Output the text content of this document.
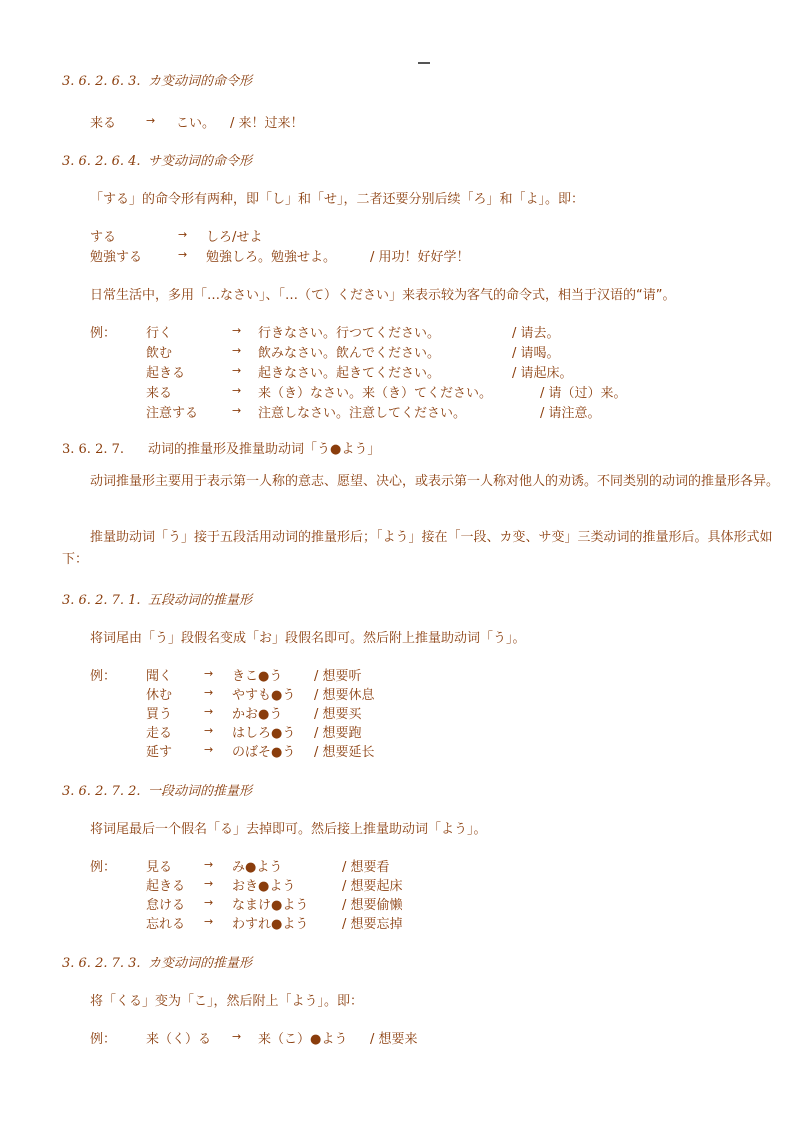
3. 6. 2. 6. 3. カ变动词的命令形
来る	→ こい。 / 来！过来！
3. 6. 2. 6. 4. サ变动词的命令形
「する」的命令形有两种，即「し」和「せ」，二者还要分别后续「ろ」和「よ」。即：
する	→ しろ/せよ
勉強する	→ 勉強しろ。勉強せよ。	/ 用功！好好学！
日常生活中，多用「…なさい」、「…（て）ください」来表示较为客气的命令式，相当于汉语的“请”。
例： 行く	→ 行きなさい。行つてください。	/ 请去。
飲む	→ 飲みなさい。飲んでください。	/ 请喝。
起きる	→ 起きなさい。起きてください。	/ 请起床。
来る	→ 来（き）なさい。来（き）てください。	/ 请（过）来。
注意する	→ 注意しなさい。注意してください。	/ 请注意。
3. 6. 2. 7. 动词的推量形及推量助动词「う●よう」
动词推量形主要用于表示第一人称的意志、愿望、决心，或表示第一人称对他人的劝诱。不同类别的动词的推量形各异。
推量助动词「う」接于五段活用动词的推量形后；「よう」接在「一段、カ变、サ变」三类动词的推量形后。具体形式如下：
3. 6. 2. 7. 1. 五段动词的推量形
将词尾由「う」段假名变成「お」段假名即可。然后附上推量助动词「う」。
例： 聞く	→ きこ●う / 想要听
休む	→ やすも●う / 想要休息
買う	→ かお●う / 想要买
走る	→ はしろ●う / 想要跑
延す	→ のばそ●う / 想要延长
3. 6. 2. 7. 2. 一段动词的推量形
将词尾最后一个假名「る」去掉即可。然后接上推量助动词「よう」。
例： 見る	→ み●よう	/ 想要看
起きる → おき●よう	/ 想要起床
怠ける → なまけ●よう	/ 想要偷懒
忘れる → わすれ●よう	/ 想要忘掉
3. 6. 2. 7. 3. カ变动词的推量形
将「くる」变为「こ」，然后附上「よう」。即：
例： 来（く）る → 来（こ）●よう / 想要来
